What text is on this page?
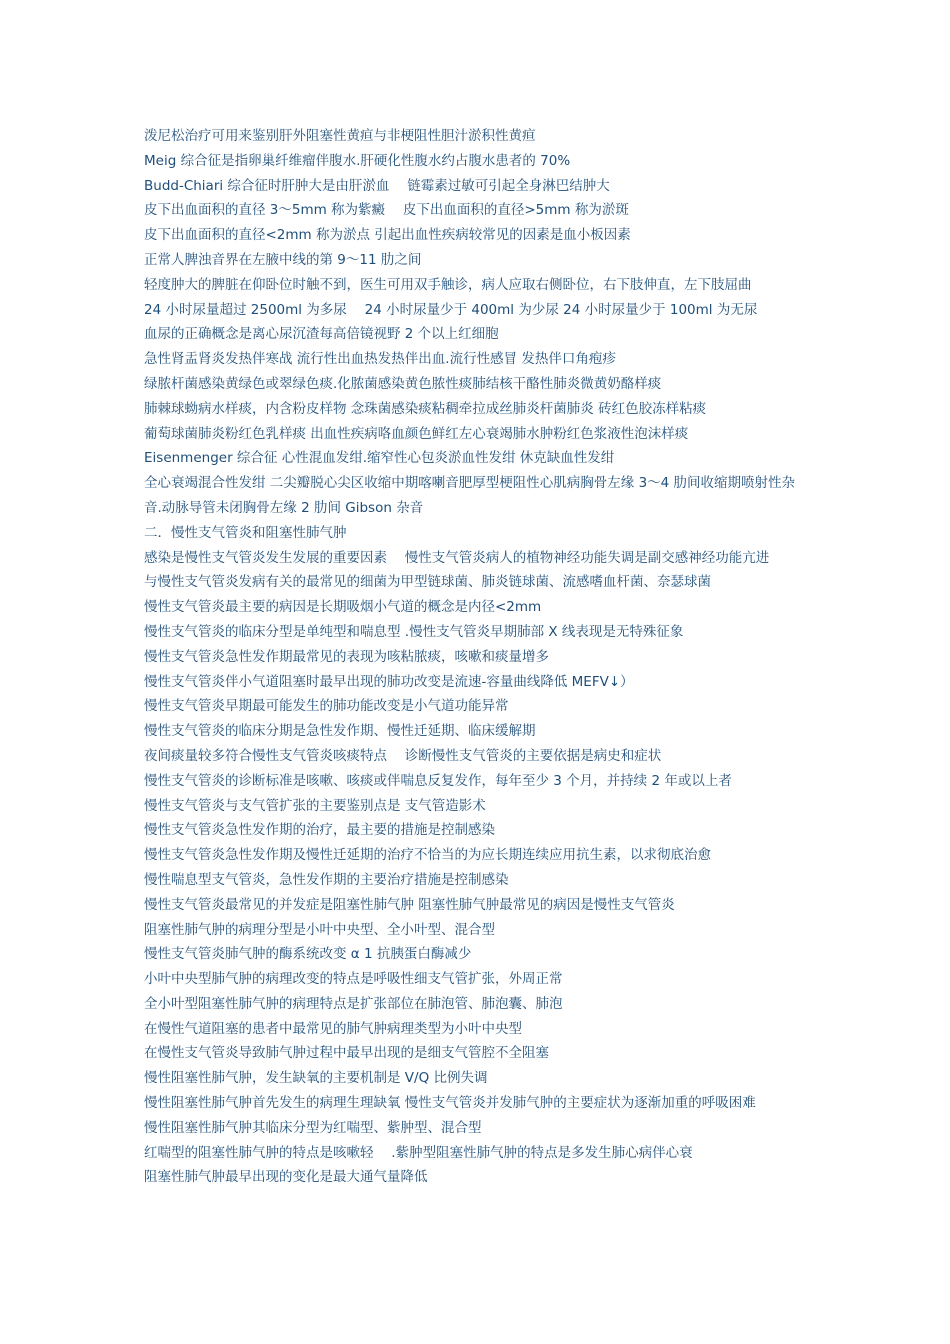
泼尼松治疗可用来鉴别肝外阻塞性黄疸与非梗阻性胆汁淤积性黄疸

Meig 综合征是指卵巢纤维瘤伴腹水.肝硬化性腹水约占腹水患者的 70%

Budd-Chiari 综合征时肝肿大是由肝淤血　 链霉素过敏可引起全身淋巴结肿大

皮下出血面积的直径 3～5mm 称为紫癜　 皮下出血面积的直径>5mm 称为淤斑

皮下出血面积的直径<2mm 称为淤点 引起出血性疾病较常见的因素是血小板因素

正常人脾浊音界在左腋中线的第 9～11 肋之间

轻度肿大的脾脏在仰卧位时触不到，医生可用双手触诊，病人应取右侧卧位，右下肢伸直，左下肢屈曲

24 小时尿量超过 2500ml 为多尿　 24 小时尿量少于 400ml 为少尿 24 小时尿量少于 100ml 为无尿

血尿的正确概念是离心尿沉渣每高倍镜视野 2 个以上红细胞

急性肾盂肾炎发热伴寒战 流行性出血热发热伴出血.流行性感冒 发热伴口角疱疹

绿脓杆菌感染黄绿色或翠绿色痰.化脓菌感染黄色脓性痰肺结核干酪性肺炎微黄奶酪样痰

肺棘球蚴病水样痰，内含粉皮样物 念珠菌感染痰粘稠牵拉成丝肺炎杆菌肺炎 砖红色胶冻样粘痰

葡萄球菌肺炎粉红色乳样痰 出血性疾病咯血颜色鲜红左心衰竭肺水肿粉红色浆液性泡沫样痰

Eisenmenger 综合征 心性混血发绀.缩窄性心包炎淤血性发绀 休克缺血性发绀

全心衰竭混合性发绀 二尖瓣脱心尖区收缩中期喀喇音肥厚型梗阻性心肌病胸骨左缘 3～4 肋间收缩期喷射性杂音.动脉导管未闭胸骨左缘 2 肋间 Gibson 杂音

二．慢性支气管炎和阻塞性肺气肿

感染是慢性支气管炎发生发展的重要因素　 慢性支气管炎病人的植物神经功能失调是副交感神经功能亢进

与慢性支气管炎发病有关的最常见的细菌为甲型链球菌、肺炎链球菌、流感嗜血杆菌、奈瑟球菌

慢性支气管炎最主要的病因是长期吸烟小气道的概念是内径<2mm

慢性支气管炎的临床分型是单纯型和喘息型 .慢性支气管炎早期肺部 X 线表现是无特殊征象

慢性支气管炎急性发作期最常见的表现为咳粘脓痰，咳嗽和痰量增多

慢性支气管炎伴小气道阻塞时最早出现的肺功改变是流速-容量曲线降低 MEFV↓）

慢性支气管炎早期最可能发生的肺功能改变是小气道功能异常

慢性支气管炎的临床分期是急性发作期、慢性迁延期、临床缓解期

夜间痰量较多符合慢性支气管炎咳痰特点　 诊断慢性支气管炎的主要依据是病史和症状

慢性支气管炎的诊断标准是咳嗽、咳痰或伴喘息反复发作，每年至少 3 个月，并持续 2 年或以上者

慢性支气管炎与支气管扩张的主要鉴别点是 支气管造影术

慢性支气管炎急性发作期的治疗，最主要的措施是控制感染

慢性支气管炎急性发作期及慢性迁延期的治疗不恰当的为应长期连续应用抗生素，以求彻底治愈

慢性喘息型支气管炎，急性发作期的主要治疗措施是控制感染

慢性支气管炎最常见的并发症是阻塞性肺气肿 阻塞性肺气肿最常见的病因是慢性支气管炎

阻塞性肺气肿的病理分型是小叶中央型、全小叶型、混合型

慢性支气管炎肺气肿的酶系统改变 α 1 抗胰蛋白酶减少

小叶中央型肺气肿的病理改变的特点是呼吸性细支气管扩张，外周正常

全小叶型阻塞性肺气肿的病理特点是扩张部位在肺泡管、肺泡囊、肺泡

在慢性气道阻塞的患者中最常见的肺气肿病理类型为小叶中央型

在慢性支气管炎导致肺气肿过程中最早出现的是细支气管腔不全阻塞

慢性阻塞性肺气肿，发生缺氧的主要机制是 V/Q 比例失调

慢性阻塞性肺气肿首先发生的病理生理缺氧 慢性支气管炎并发肺气肿的主要症状为逐渐加重的呼吸困难

慢性阻塞性肺气肿其临床分型为红喘型、紫肿型、混合型

红喘型的阻塞性肺气肿的特点是咳嗽轻　 .紫肿型阻塞性肺气肿的特点是多发生肺心病伴心衰

阻塞性肺气肿最早出现的变化是最大通气量降低
